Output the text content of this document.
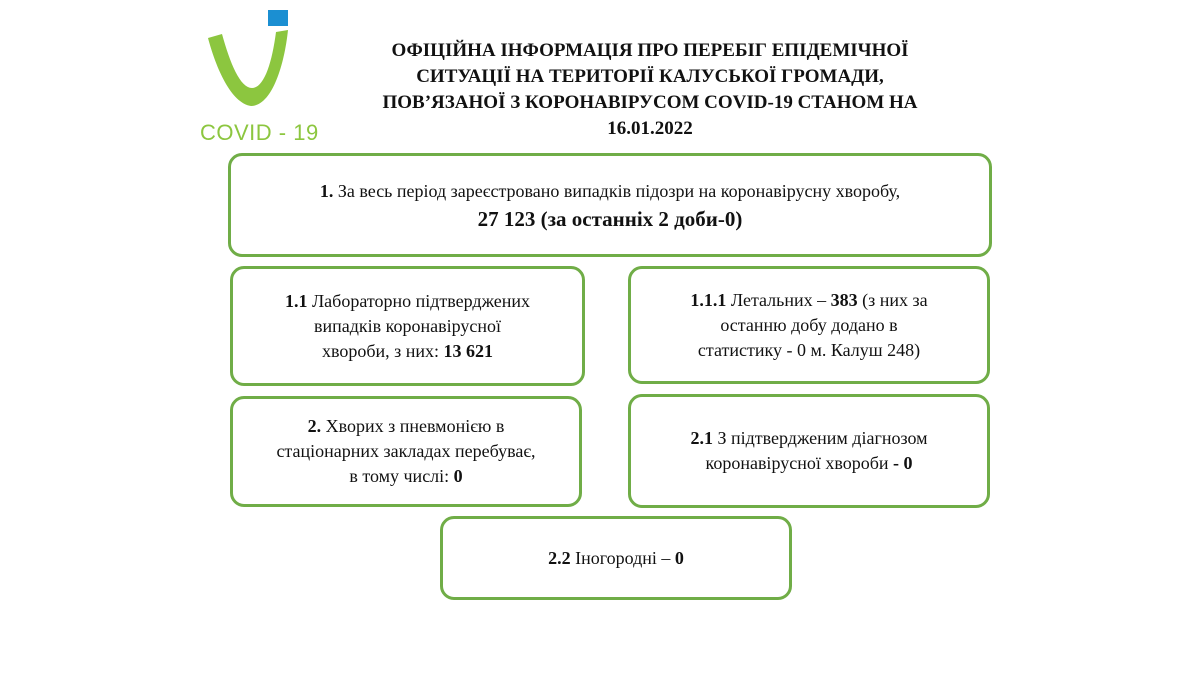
COVID - 19
ОФІЦІЙНА ІНФОРМАЦІЯ ПРО ПЕРЕБІГ ЕПІДЕМІЧНОЇ
СИТУАЦІЇ НА ТЕРИТОРІЇ КАЛУСЬКОЇ ГРОМАДИ,
ПОВ’ЯЗАНОЇ З КОРОНАВІРУСОМ COVID-19 СТАНОМ НА
16.01.2022
1. За весь період зареєстровано випадків підозри на коронавірусну хворобу,
27 123 (за останніх 2 доби-0)
1.1 Лабораторно підтверджених
випадків коронавірусної
хвороби, з них: 13 621
1.1.1 Летальних – 383 (з них за
останню добу додано в
статистику - 0 м. Калуш 248)
2. Хворих з пневмонією в
стаціонарних закладах перебуває,
в тому числі: 0
2.1 З підтвердженим діагнозом
коронавірусної хвороби - 0
2.2 Іногородні – 0
